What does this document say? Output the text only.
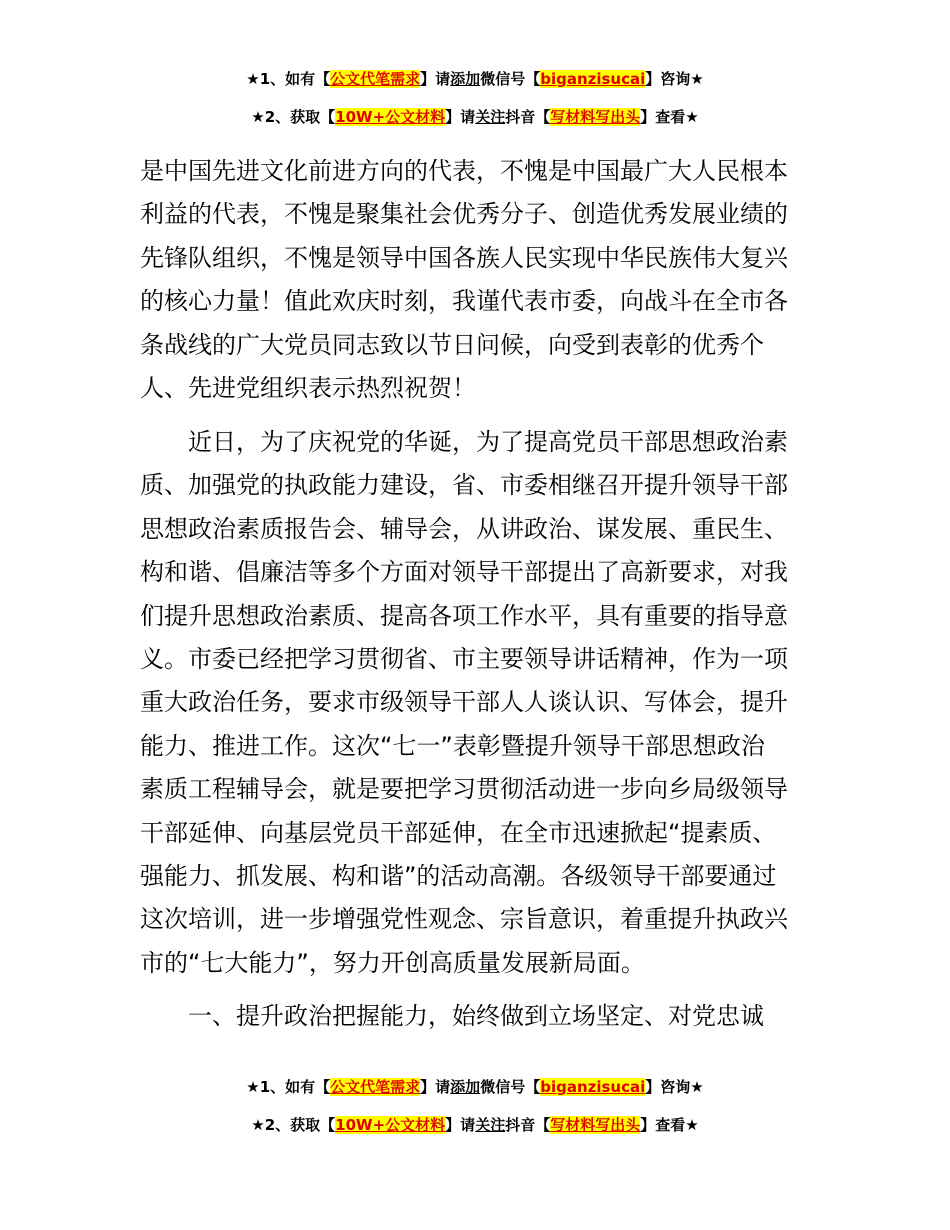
★1、如有【公文代笔需求】请添加微信号【biganzisucai】咨询★
★2、获取【10W+公文材料】请关注抖音【写材料写出头】查看★
是中国先进文化前进方向的代表，不愧是中国最广大人民根本
利益的代表，不愧是聚集社会优秀分子、创造优秀发展业绩的
先锋队组织，不愧是领导中国各族人民实现中华民族伟大复兴
的核心力量！值此欢庆时刻，我谨代表市委，向战斗在全市各
条战线的广大党员同志致以节日问候，向受到表彰的优秀个
人、先进党组织表示热烈祝贺！
近日，为了庆祝党的华诞，为了提高党员干部思想政治素
质、加强党的执政能力建设，省、市委相继召开提升领导干部
思想政治素质报告会、辅导会，从讲政治、谋发展、重民生、
构和谐、倡廉洁等多个方面对领导干部提出了高新要求，对我
们提升思想政治素质、提高各项工作水平，具有重要的指导意
义。市委已经把学习贯彻省、市主要领导讲话精神，作为一项
重大政治任务，要求市级领导干部人人谈认识、写体会，提升
能力、推进工作。这次“七一”表彰暨提升领导干部思想政治
素质工程辅导会，就是要把学习贯彻活动进一步向乡局级领导
干部延伸、向基层党员干部延伸，在全市迅速掀起“提素质、
强能力、抓发展、构和谐”的活动高潮。各级领导干部要通过
这次培训，进一步增强党性观念、宗旨意识，着重提升执政兴
市的“七大能力”，努力开创高质量发展新局面。
一、提升政治把握能力，始终做到立场坚定、对党忠诚
★1、如有【公文代笔需求】请添加微信号【biganzisucai】咨询★
★2、获取【10W+公文材料】请关注抖音【写材料写出头】查看★
